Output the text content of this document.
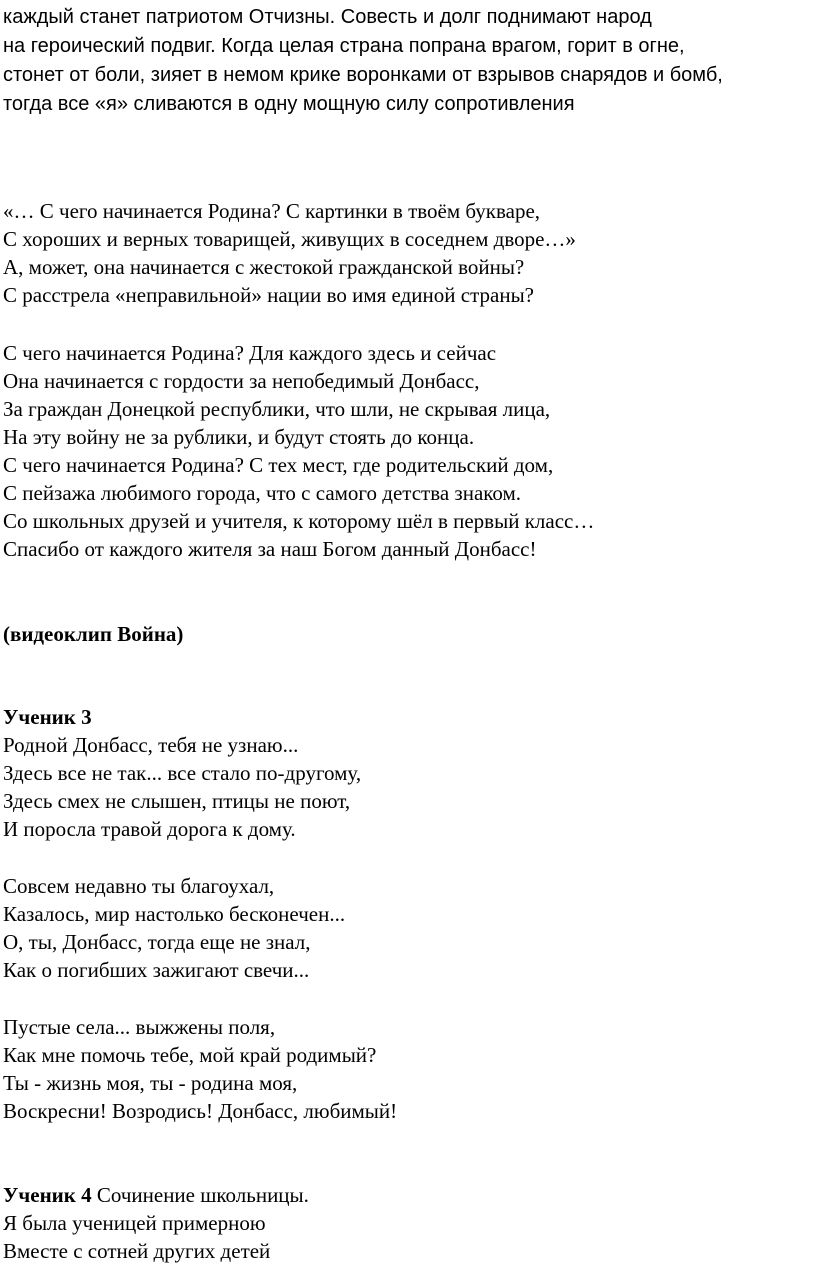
каждый станет патриотом Отчизны. Совесть и долг поднимают народ
на героический подвиг. Когда целая страна попрана врагом, горит в огне,
стонет от боли, зияет в немом крике воронками от взрывов снарядов и бомб,
тогда все «я» сливаются в одну мощную силу сопротивления
«… С чего начинается Родина? С картинки в твоём букваре,
С хороших и верных товарищей, живущих в соседнем дворе…»
А, может, она начинается с жестокой гражданской войны?
С расстрела «неправильной» нации во имя единой страны?
С чего начинается Родина? Для каждого здесь и сейчас
Она начинается с гордости за непобедимый Донбасс,
За граждан Донецкой республики, что шли, не скрывая лица,
На эту войну не за рублики, и будут стоять до конца.
С чего начинается Родина? С тех мест, где родительский дом,
С пейзажа любимого города, что с самого детства знаком.
Со школьных друзей и учителя, к которому шёл в первый класс…
Спасибо от каждого жителя за наш Богом данный Донбасс!
(видеоклип Война)
Ученик 3
Родной Донбасс, тебя не узнаю...
Здесь все не так... все стало по-другому,
Здесь смех не слышен, птицы не поют,
И поросла травой дорога к дому.
Совсем недавно ты благоухал,
Казалось, мир настолько бесконечен...
О, ты, Донбасс, тогда еще не знал,
Как о погибших зажигают свечи...
Пустые села... выжжены поля,
Как мне помочь тебе, мой край родимый?
Ты - жизнь моя, ты - родина моя,
Воскресни! Возродись! Донбасс, любимый!
Ученик 4 Сочинение школьницы.
Я была ученицей примерною
Вместе с сотней других детей
